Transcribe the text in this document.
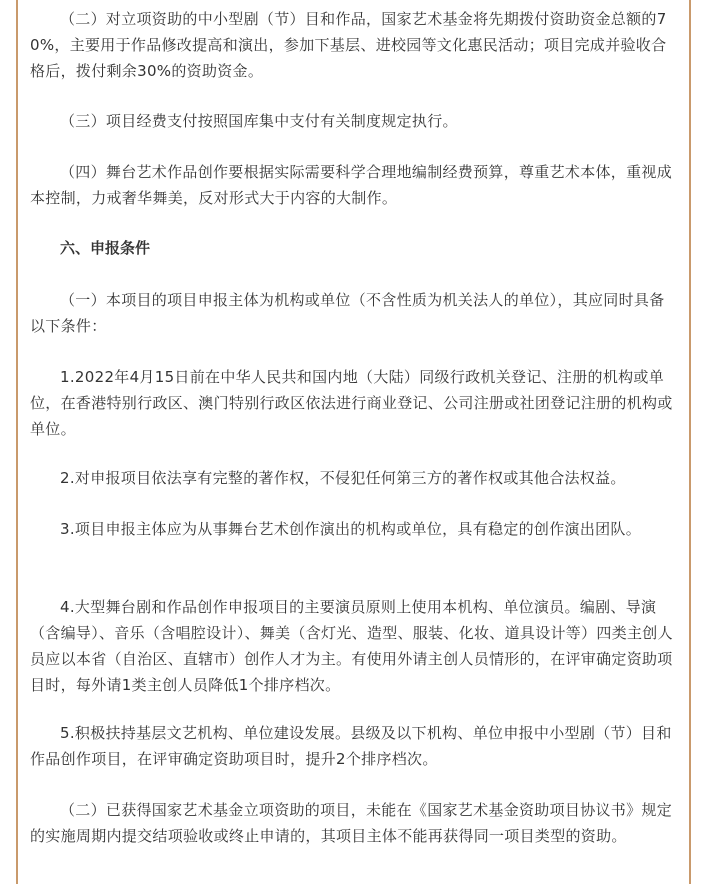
（二）对立项资助的中小型剧（节）目和作品，国家艺术基金将先期拨付资助资金总额的70%，主要用于作品修改提高和演出，参加下基层、进校园等文化惠民活动；项目完成并验收合格后，拨付剩余30%的资助资金。
（三）项目经费支付按照国库集中支付有关制度规定执行。
（四）舞台艺术作品创作要根据实际需要科学合理地编制经费预算，尊重艺术本体，重视成本控制，力戒奢华舞美，反对形式大于内容的大制作。
六、申报条件
（一）本项目的项目申报主体为机构或单位（不含性质为机关法人的单位），其应同时具备以下条件：
1.2022年4月15日前在中华人民共和国内地（大陆）同级行政机关登记、注册的机构或单位，在香港特别行政区、澳门特别行政区依法进行商业登记、公司注册或社团登记注册的机构或单位。
2.对申报项目依法享有完整的著作权，不侵犯任何第三方的著作权或其他合法权益。
3.项目申报主体应为从事舞台艺术创作演出的机构或单位，具有稳定的创作演出团队。
4.大型舞台剧和作品创作申报项目的主要演员原则上使用本机构、单位演员。编剧、导演（含编导）、音乐（含唱腔设计）、舞美（含灯光、造型、服装、化妆、道具设计等）四类主创人员应以本省（自治区、直辖市）创作人才为主。有使用外请主创人员情形的，在评审确定资助项目时，每外请1类主创人员降低1个排序档次。
5.积极扶持基层文艺机构、单位建设发展。县级及以下机构、单位申报中小型剧（节）目和作品创作项目，在评审确定资助项目时，提升2个排序档次。
（二）已获得国家艺术基金立项资助的项目，未能在《国家艺术基金资助项目协议书》规定的实施周期内提交结项验收或终止申请的，其项目主体不能再获得同一项目类型的资助。
